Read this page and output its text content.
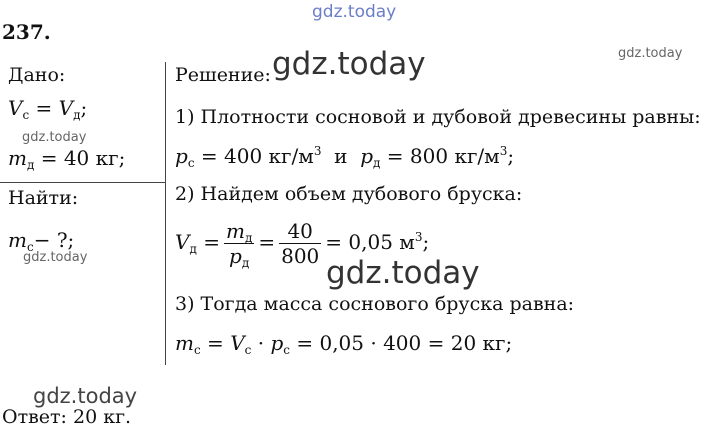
gdz.today
gdz.today
gdz.today
gdz.today
gdz.today	gdz.today
gdz.today
237.
Дано:
$V_c = V_д$;
$m_д = 40$ кг;
Найти:
$m_c-$ ?;
Решение:
1) Плотности сосновой и дубовой древесины равны:
$p_c = 400$ $кг/м^3$  и  $p_д = 800$ $кг/м^3$;
2) Найдем объем дубового бруска:
$V_д = \frac{m_д}{p_д} = \frac{40}{800} = 0,05$ $м^3$;
3) Тогда масса соснового бруска равна:
$m_c = V_c \cdot p_c = 0,05 \cdot 400 = 20$ кг;
Ответ: 20 кг.
